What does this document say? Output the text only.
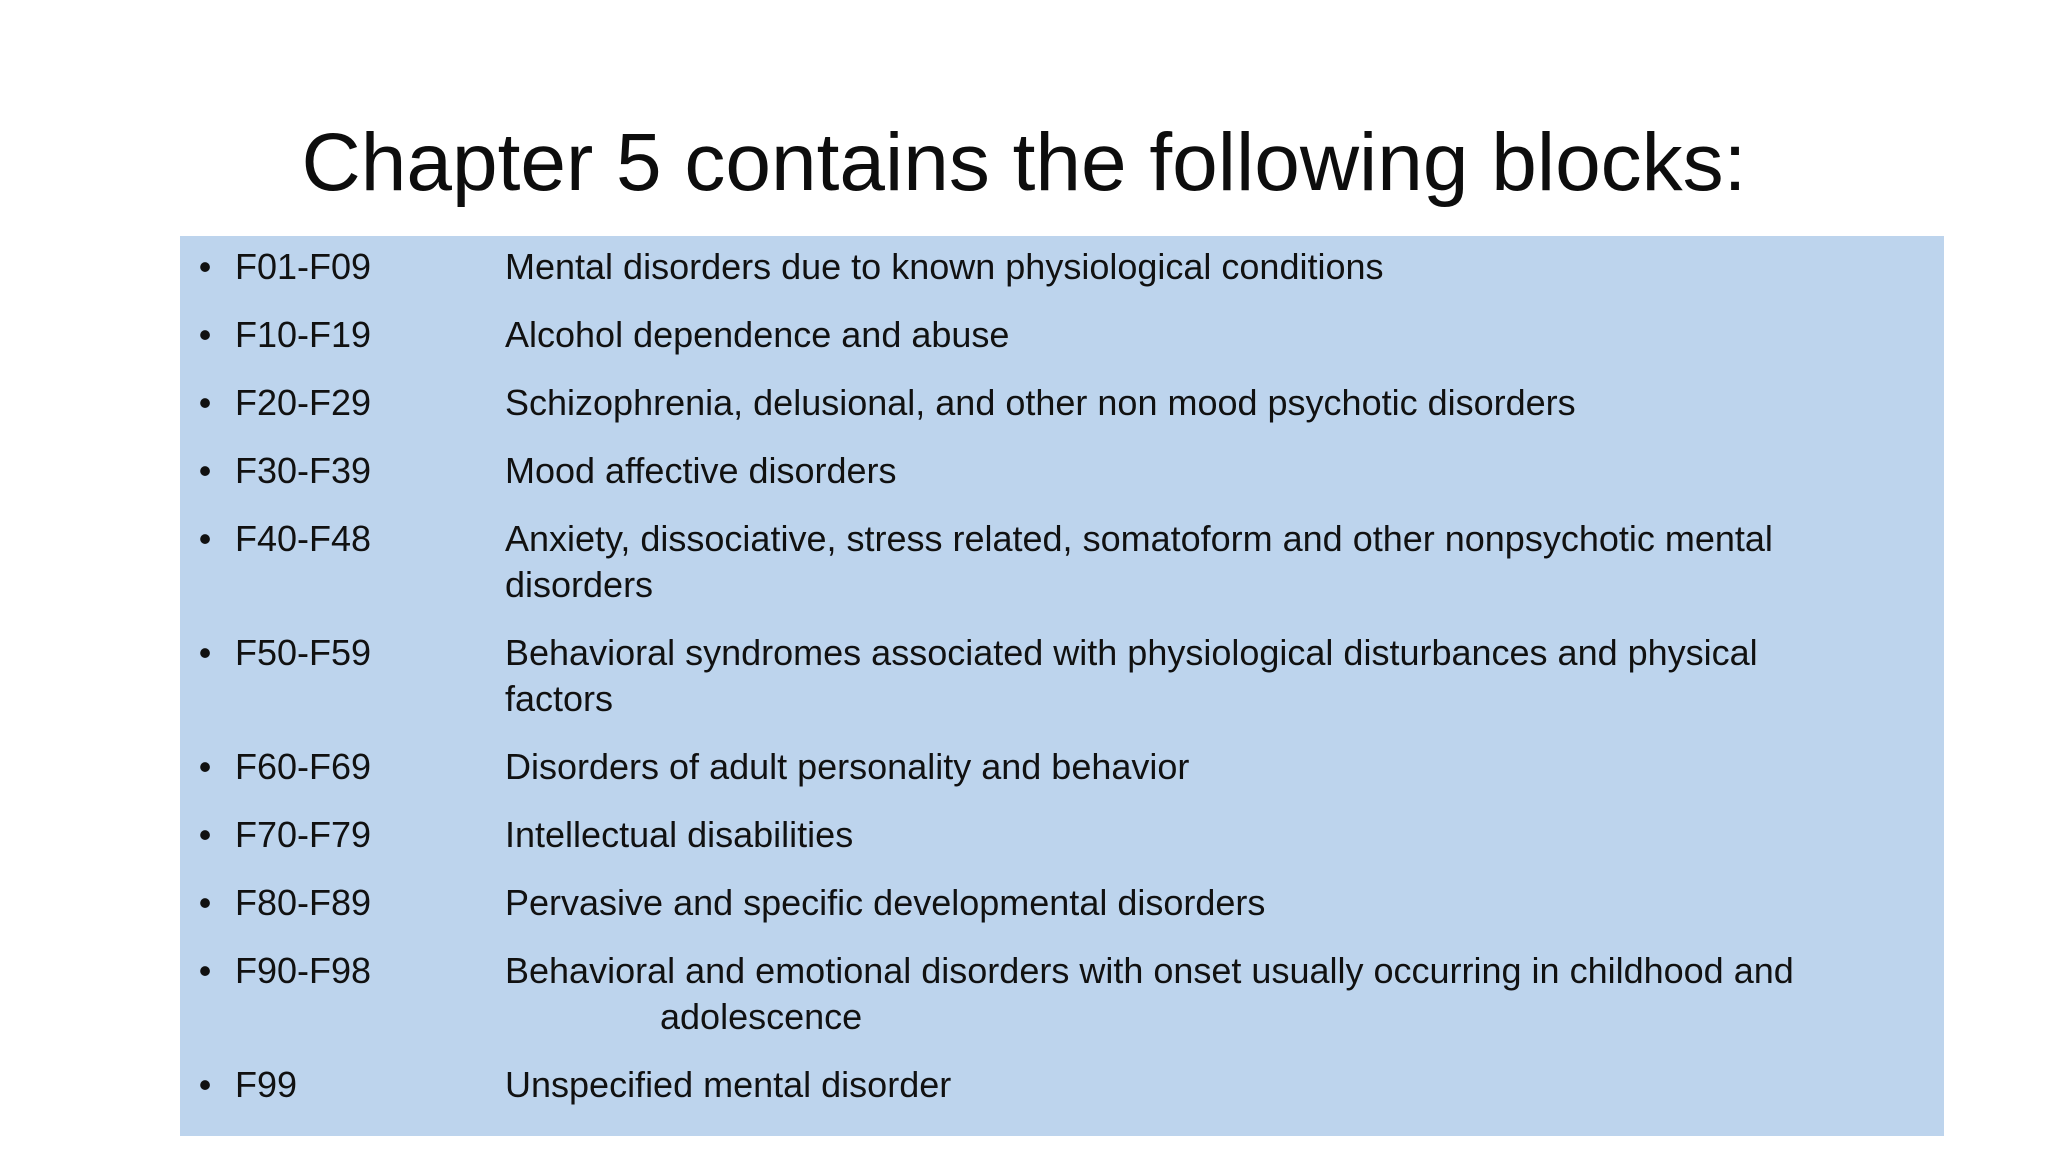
Chapter 5 contains the following blocks:
• F01-F09	Mental disorders due to known physiological conditions
• F10-F19	Alcohol dependence and abuse
• F20-F29	Schizophrenia, delusional, and other non mood psychotic disorders
• F30-F39	Mood affective disorders
• F40-F48	Anxiety, dissociative, stress related, somatoform and other nonpsychotic mental
disorders
• F50-F59	Behavioral syndromes associated with physiological disturbances and physical
factors
• F60-F69	Disorders of adult personality and behavior
• F70-F79	Intellectual disabilities
• F80-F89	Pervasive and specific developmental disorders
• F90-F98	Behavioral and emotional disorders with onset usually occurring in childhood and
adolescence
• F99	Unspecified mental disorder
